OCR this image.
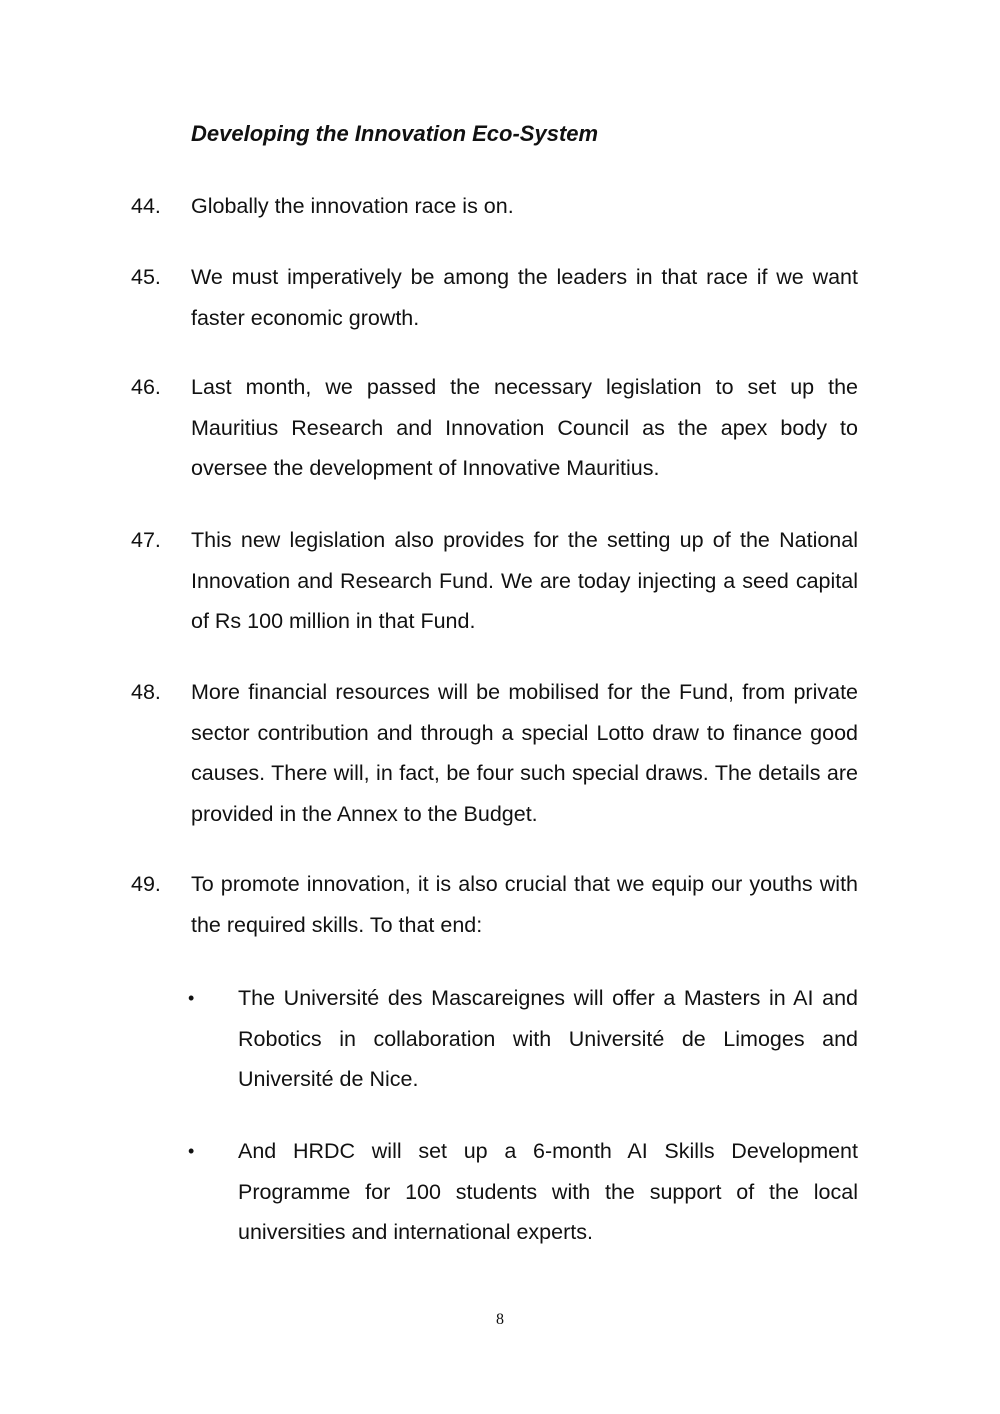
Developing the Innovation Eco-System
44. Globally the innovation race is on.
45. We must imperatively be among the leaders in that race if we want faster economic growth.
46. Last month, we passed the necessary legislation to set up the Mauritius Research and Innovation Council as the apex body to oversee the development of Innovative Mauritius.
47. This new legislation also provides for the setting up of the National Innovation and Research Fund. We are today injecting a seed capital of Rs 100 million in that Fund.
48. More financial resources will be mobilised for the Fund, from private sector contribution and through a special Lotto draw to finance good causes. There will, in fact, be four such special draws. The details are provided in the Annex to the Budget.
49. To promote innovation, it is also crucial that we equip our youths with the required skills. To that end:
• The Université des Mascareignes will offer a Masters in AI and Robotics in collaboration with Université de Limoges and Université de Nice.
• And HRDC will set up a 6-month AI Skills Development Programme for 100 students with the support of the local universities and international experts.
8
